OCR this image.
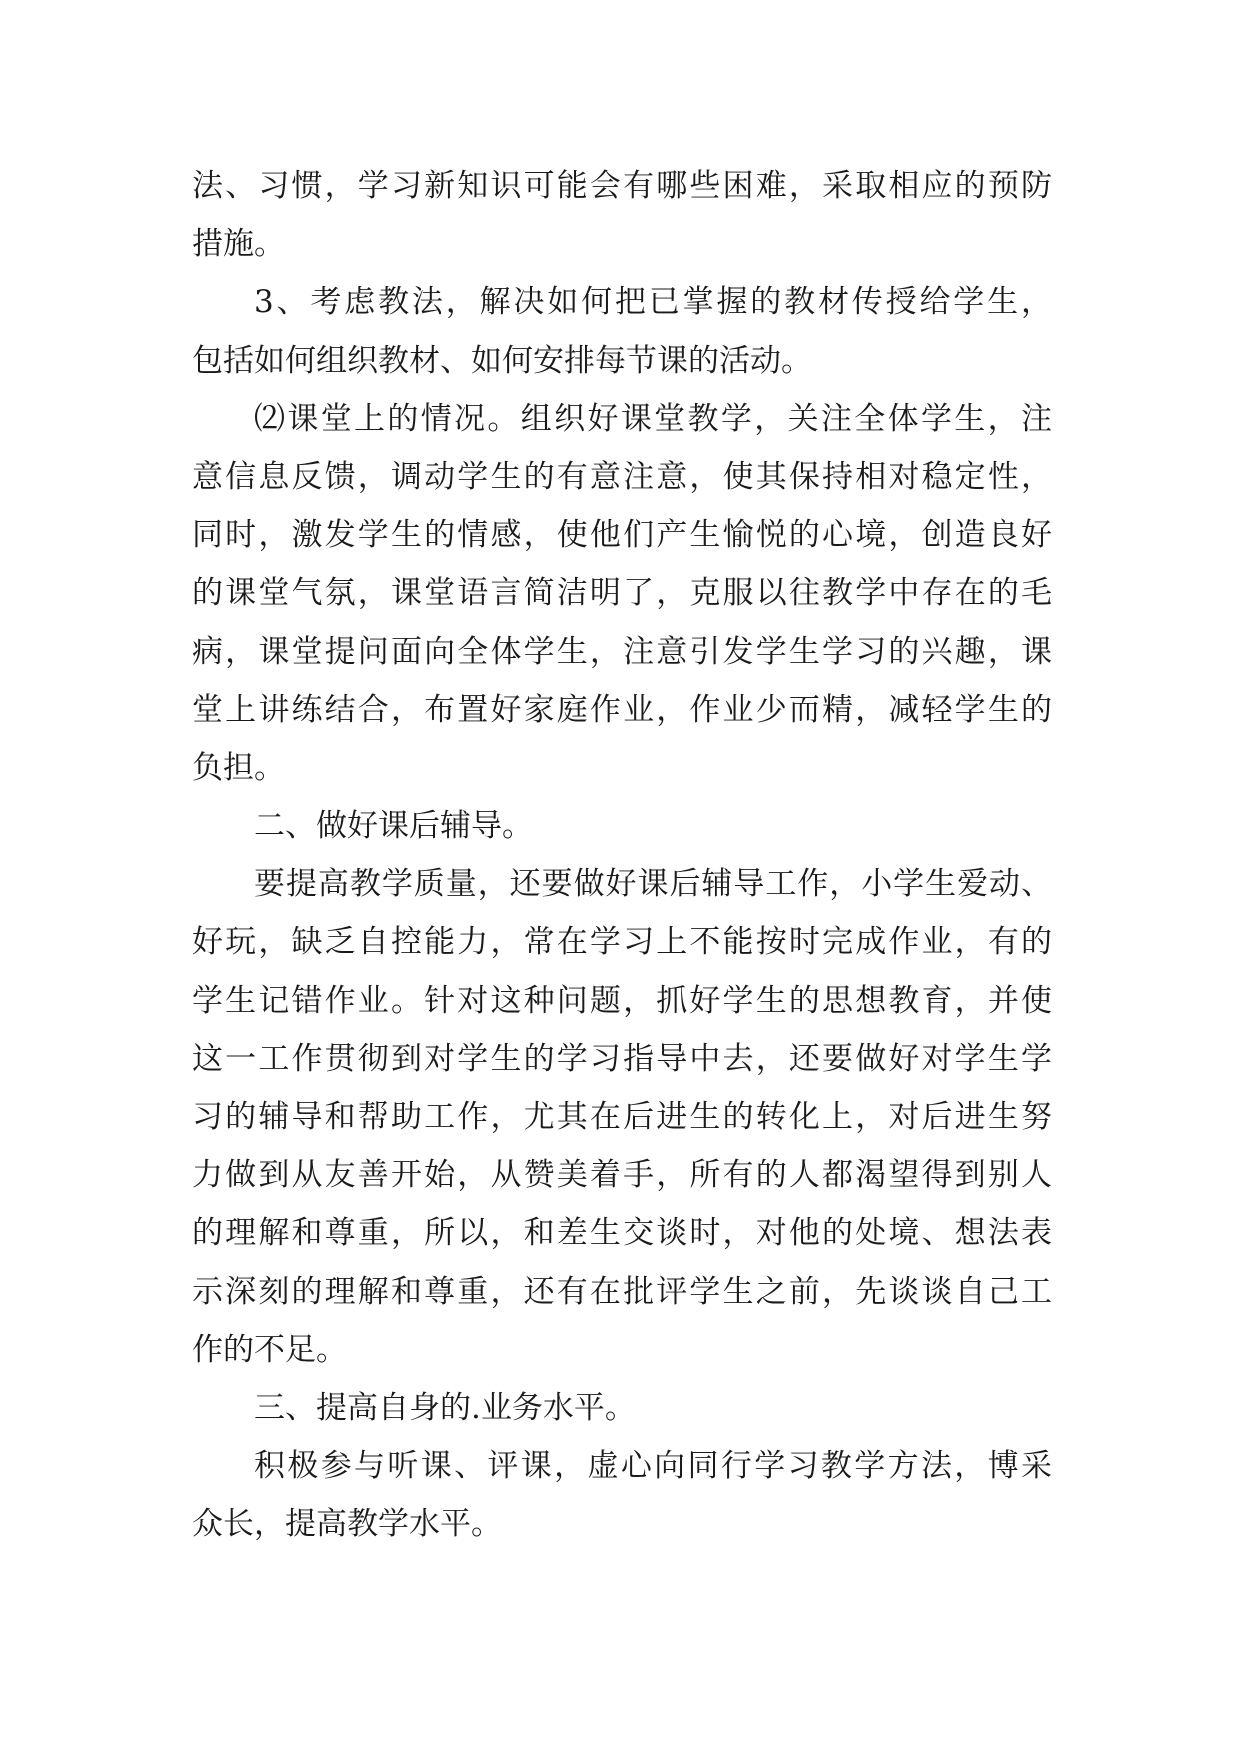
法、习惯，学习新知识可能会有哪些困难，采取相应的预防
措施。
3、考虑教法，解决如何把已掌握的教材传授给学生，
包括如何组织教材、如何安排每节课的活动。
⑵课堂上的情况。组织好课堂教学，关注全体学生，注
意信息反馈，调动学生的有意注意，使其保持相对稳定性，
同时，激发学生的情感，使他们产生愉悦的心境，创造良好
的课堂气氛，课堂语言简洁明了，克服以往教学中存在的毛
病，课堂提问面向全体学生，注意引发学生学习的兴趣，课
堂上讲练结合，布置好家庭作业，作业少而精，减轻学生的
负担。
二、做好课后辅导。
要提高教学质量，还要做好课后辅导工作，小学生爱动、
好玩，缺乏自控能力，常在学习上不能按时完成作业，有的
学生记错作业。针对这种问题，抓好学生的思想教育，并使
这一工作贯彻到对学生的学习指导中去，还要做好对学生学
习的辅导和帮助工作，尤其在后进生的转化上，对后进生努
力做到从友善开始，从赞美着手，所有的人都渴望得到别人
的理解和尊重，所以，和差生交谈时，对他的处境、想法表
示深刻的理解和尊重，还有在批评学生之前，先谈谈自己工
作的不足。
三、提高自身的.业务水平。
积极参与听课、评课，虚心向同行学习教学方法，博采
众长，提高教学水平。
